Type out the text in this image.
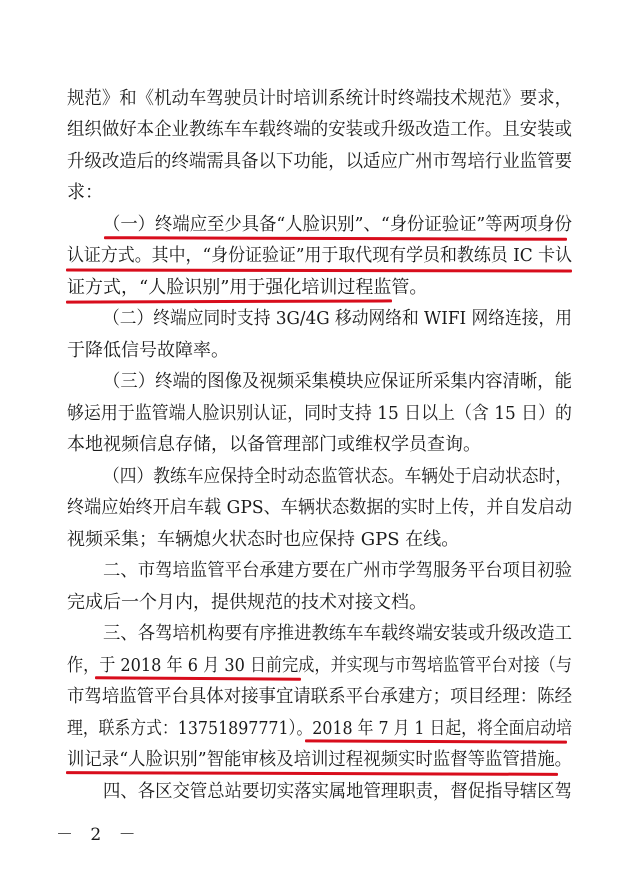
规范》和《机动车驾驶员计时培训系统计时终端技术规范》要求，

组织做好本企业教练车车载终端的安装或升级改造工作。且安装或

升级改造后的终端需具备以下功能，以适应广州市驾培行业监管要

求：

（一）终端应至少具备“人脸识别”、“身份证验证”等两项身份

认证方式。其中，“身份证验证”用于取代现有学员和教练员 IC 卡认

证方式，“人脸识别”用于强化培训过程监管。

（二）终端应同时支持 3G/4G 移动网络和 WIFI 网络连接，用

于降低信号故障率。

（三）终端的图像及视频采集模块应保证所采集内容清晰，能

够运用于监管端人脸识别认证，同时支持 15 日以上（含 15 日）的

本地视频信息存储，以备管理部门或维权学员查询。

（四）教练车应保持全时动态监管状态。车辆处于启动状态时，

终端应始终开启车载 GPS、车辆状态数据的实时上传，并自发启动

视频采集；车辆熄火状态时也应保持 GPS 在线。

二、市驾培监管平台承建方要在广州市学驾服务平台项目初验

完成后一个月内，提供规范的技术对接文档。

三、各驾培机构要有序推进教练车车载终端安装或升级改造工

作，于 2018 年 6 月 30 日前完成，并实现与市驾培监管平台对接（与

市驾培监管平台具体对接事宜请联系平台承建方；项目经理：陈经

理，联系方式：13751897771）。2018 年 7 月 1 日起，将全面启动培

训记录“人脸识别”智能审核及培训过程视频实时监督等监管措施。

四、各区交管总站要切实落实属地管理职责，督促指导辖区驾

－ 2 －
